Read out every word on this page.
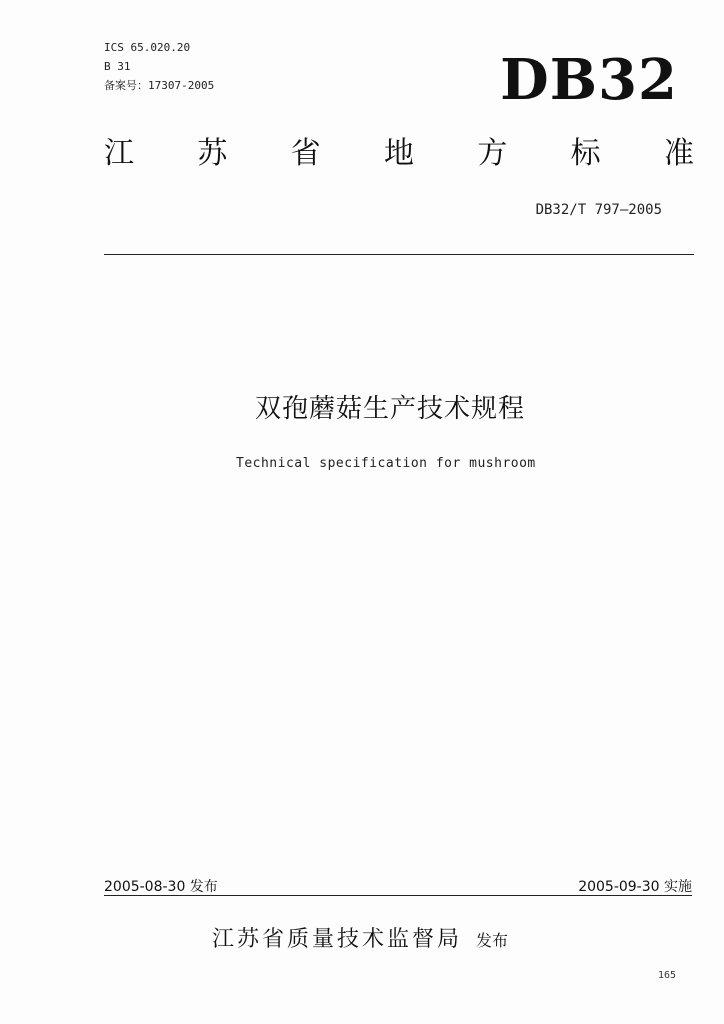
ICS 65.020.20
B 31
备案号：17307-2005	DB32
江 苏 省 地 方 标 准
DB32/T 797—2005
双孢蘑菇生产技术规程
Technical specification for mushroom
2005-08-30 发布	2005-09-30 实施
江苏省质量技术监督局 发布
165
